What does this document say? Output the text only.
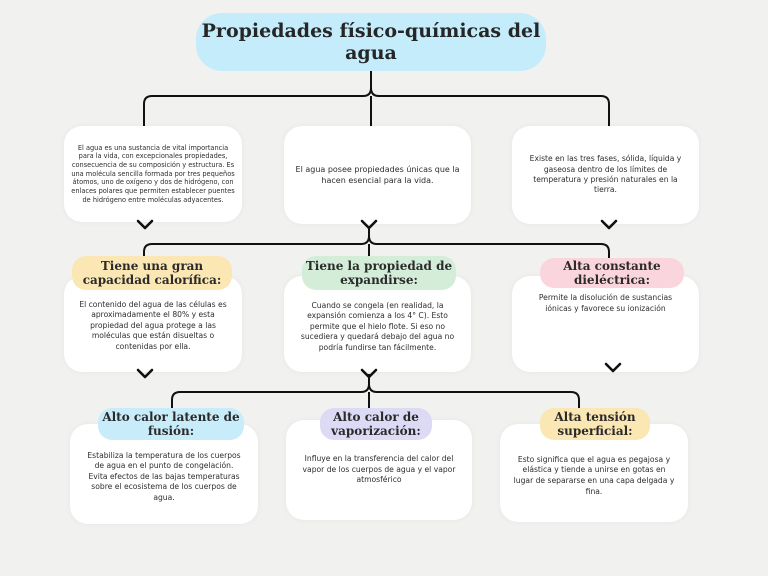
Propiedades físico-químicas del agua
El agua es una sustancia de vital importancia para la vida, con excepcionales propiedades, consecuencia de su composición y estructura. Es una molécula sencilla formada por tres pequeños átomos, uno de oxígeno y dos de hidrógeno, con enlaces polares que permiten establecer puentes de hidrógeno entre moléculas adyacentes.
El agua posee propiedades únicas que la hacen esencial para la vida.
Existe en las tres fases, sólida, líquida y gaseosa dentro de los límites de temperatura y presión naturales en la tierra.
El contenido del agua de las células es aproximadamente el 80% y esta propiedad del agua protege a las moléculas que están disueltas o contenidas por ella.
Cuando se congela (en realidad, la expansión comienza a los 4° C). Esto permite que el hielo flote. Si eso no sucediera y quedará debajo del agua no podría fundirse tan fácilmente.
Permite la disolución de sustancias iónicas y favorece su ionización
Tiene una gran capacidad calorífica:
Tiene la propiedad de expandirse:
Alta constante dieléctrica:
Estabiliza la temperatura de los cuerpos de agua en el punto de congelación. Evita efectos de las bajas temperaturas sobre el ecosistema de los cuerpos de agua.
Influye en la transferencia del calor del vapor de los cuerpos de agua y el vapor atmosférico
Esto significa que el agua es pegajosa y elástica y tiende a unirse en gotas en lugar de separarse en una capa delgada y fina.
Alto calor latente de fusión:
Alto calor de vaporización:
Alta tensión superficial:
